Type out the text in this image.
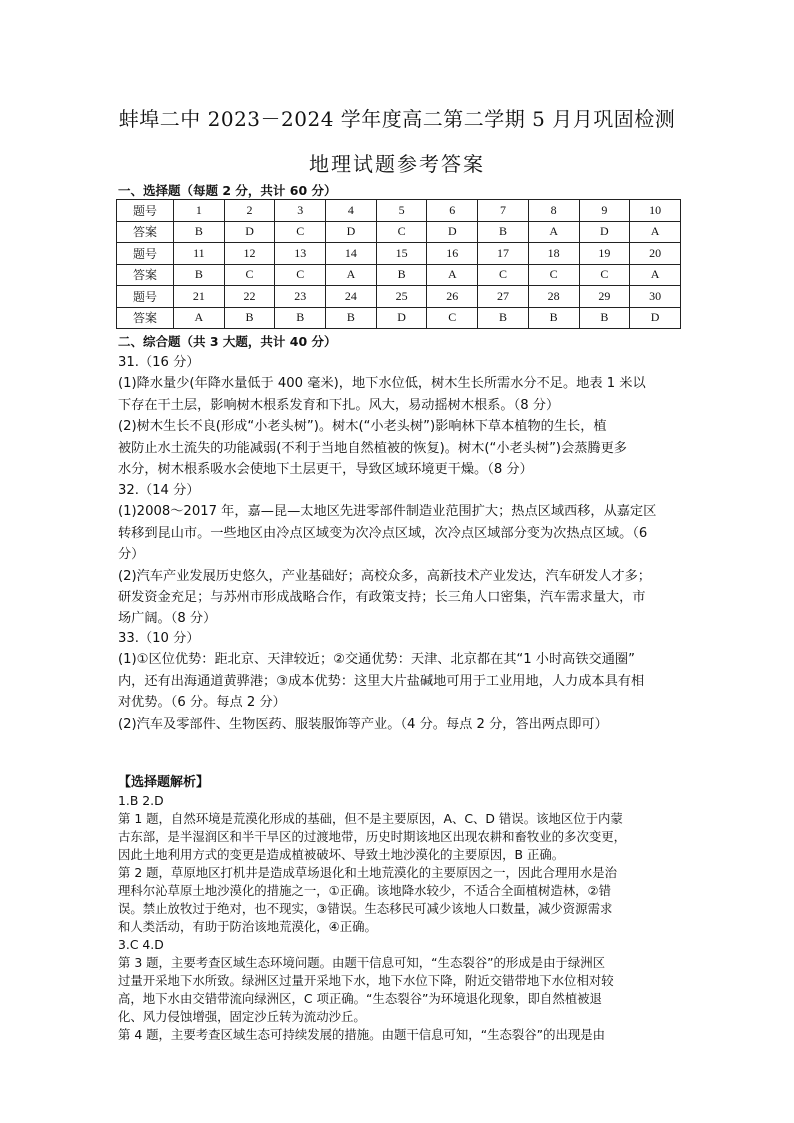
蚌埠二中 2023－2024 学年度高二第二学期 5 月月巩固检测
地理试题参考答案
一、选择题（每题 2 分，共计 60 分）
题号	1	2	3	4	5	6	7	8	9	10
答案	B	D	C	D	C	D	B	A	D	A
题号	11	12	13	14	15	16	17	18	19	20
答案	B	C	C	A	B	A	C	C	C	A
题号	21	22	23	24	25	26	27	28	29	30
答案	A	B	B	B	D	C	B	B	B	D
二、综合题（共 3 大题，共计 40 分）

31.（16 分）

(1)降水量少(年降水量低于 400 毫米)，地下水位低，树木生长所需水分不足。地表 1 米以

下存在干土层，影响树木根系发育和下扎。风大，易动摇树木根系。（8 分）

(2)树木生长不良(形成“小老头树”)。树木(“小老头树”)影响林下草本植物的生长，植

被防止水土流失的功能减弱(不利于当地自然植被的恢复)。树木(“小老头树”)会蒸腾更多

水分，树木根系吸水会使地下土层更干，导致区域环境更干燥。（8 分）

32.（14 分）

(1)2008～2017 年，嘉—昆—太地区先进零部件制造业范围扩大；热点区域西移，从嘉定区

转移到昆山市。一些地区由冷点区域变为次冷点区域，次冷点区域部分变为次热点区域。（6

分）

(2)汽车产业发展历史悠久，产业基础好；高校众多，高新技术产业发达，汽车研发人才多；

研发资金充足；与苏州市形成战略合作，有政策支持；长三角人口密集，汽车需求量大，市

场广阔。（8 分）

33.（10 分）

(1)①区位优势：距北京、天津较近；②交通优势：天津、北京都在其“1 小时高铁交通圈”

内，还有出海通道黄骅港；③成本优势：这里大片盐碱地可用于工业用地，人力成本具有相

对优势。（6 分。每点 2 分）

(2)汽车及零部件、生物医药、服装服饰等产业。（4 分。每点 2 分，答出两点即可）

【选择题解析】

1.B 2.D

第 1 题，自然环境是荒漠化形成的基础，但不是主要原因，A、C、D 错误。该地区位于内蒙

古东部，是半湿润区和半干旱区的过渡地带，历史时期该地区出现农耕和畜牧业的多次变更，

因此土地利用方式的变更是造成植被破坏、导致土地沙漠化的主要原因，B 正确。

第 2 题，草原地区打机井是造成草场退化和土地荒漠化的主要原因之一，因此合理用水是治

理科尔沁草原土地沙漠化的措施之一，①正确。该地降水较少，不适合全面植树造林，②错

误。禁止放牧过于绝对，也不现实，③错误。生态移民可减少该地人口数量，减少资源需求

和人类活动，有助于防治该地荒漠化，④正确。

3.C 4.D

第 3 题，主要考查区域生态环境问题。由题干信息可知，“生态裂谷”的形成是由于绿洲区

过量开采地下水所致。绿洲区过量开采地下水，地下水位下降，附近交错带地下水位相对较

高，地下水由交错带流向绿洲区，C 项正确。“生态裂谷”为环境退化现象，即自然植被退

化、风力侵蚀增强，固定沙丘转为流动沙丘。

第 4 题，主要考查区域生态可持续发展的措施。由题干信息可知，“生态裂谷”的出现是由
